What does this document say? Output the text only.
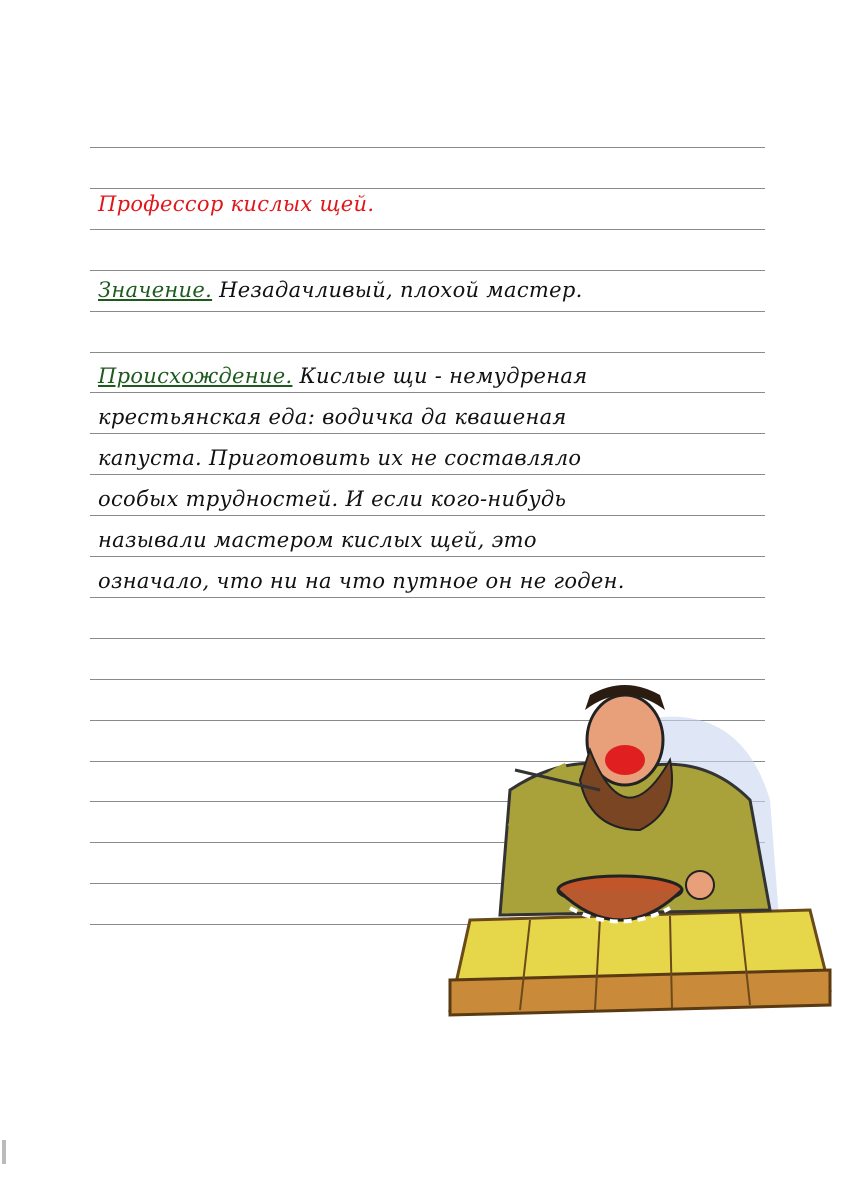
Профессор кислых щей.
Значение. Незадачливый, плохой мастер.
Происхождение. Кислые щи - немудреная
крестьянская еда: водичка да квашеная
капуста. Приготовить их не составляло
особых трудностей. И если кого-нибудь
называли мастером кислых щей, это
означало, что ни на что путное он не годен.
